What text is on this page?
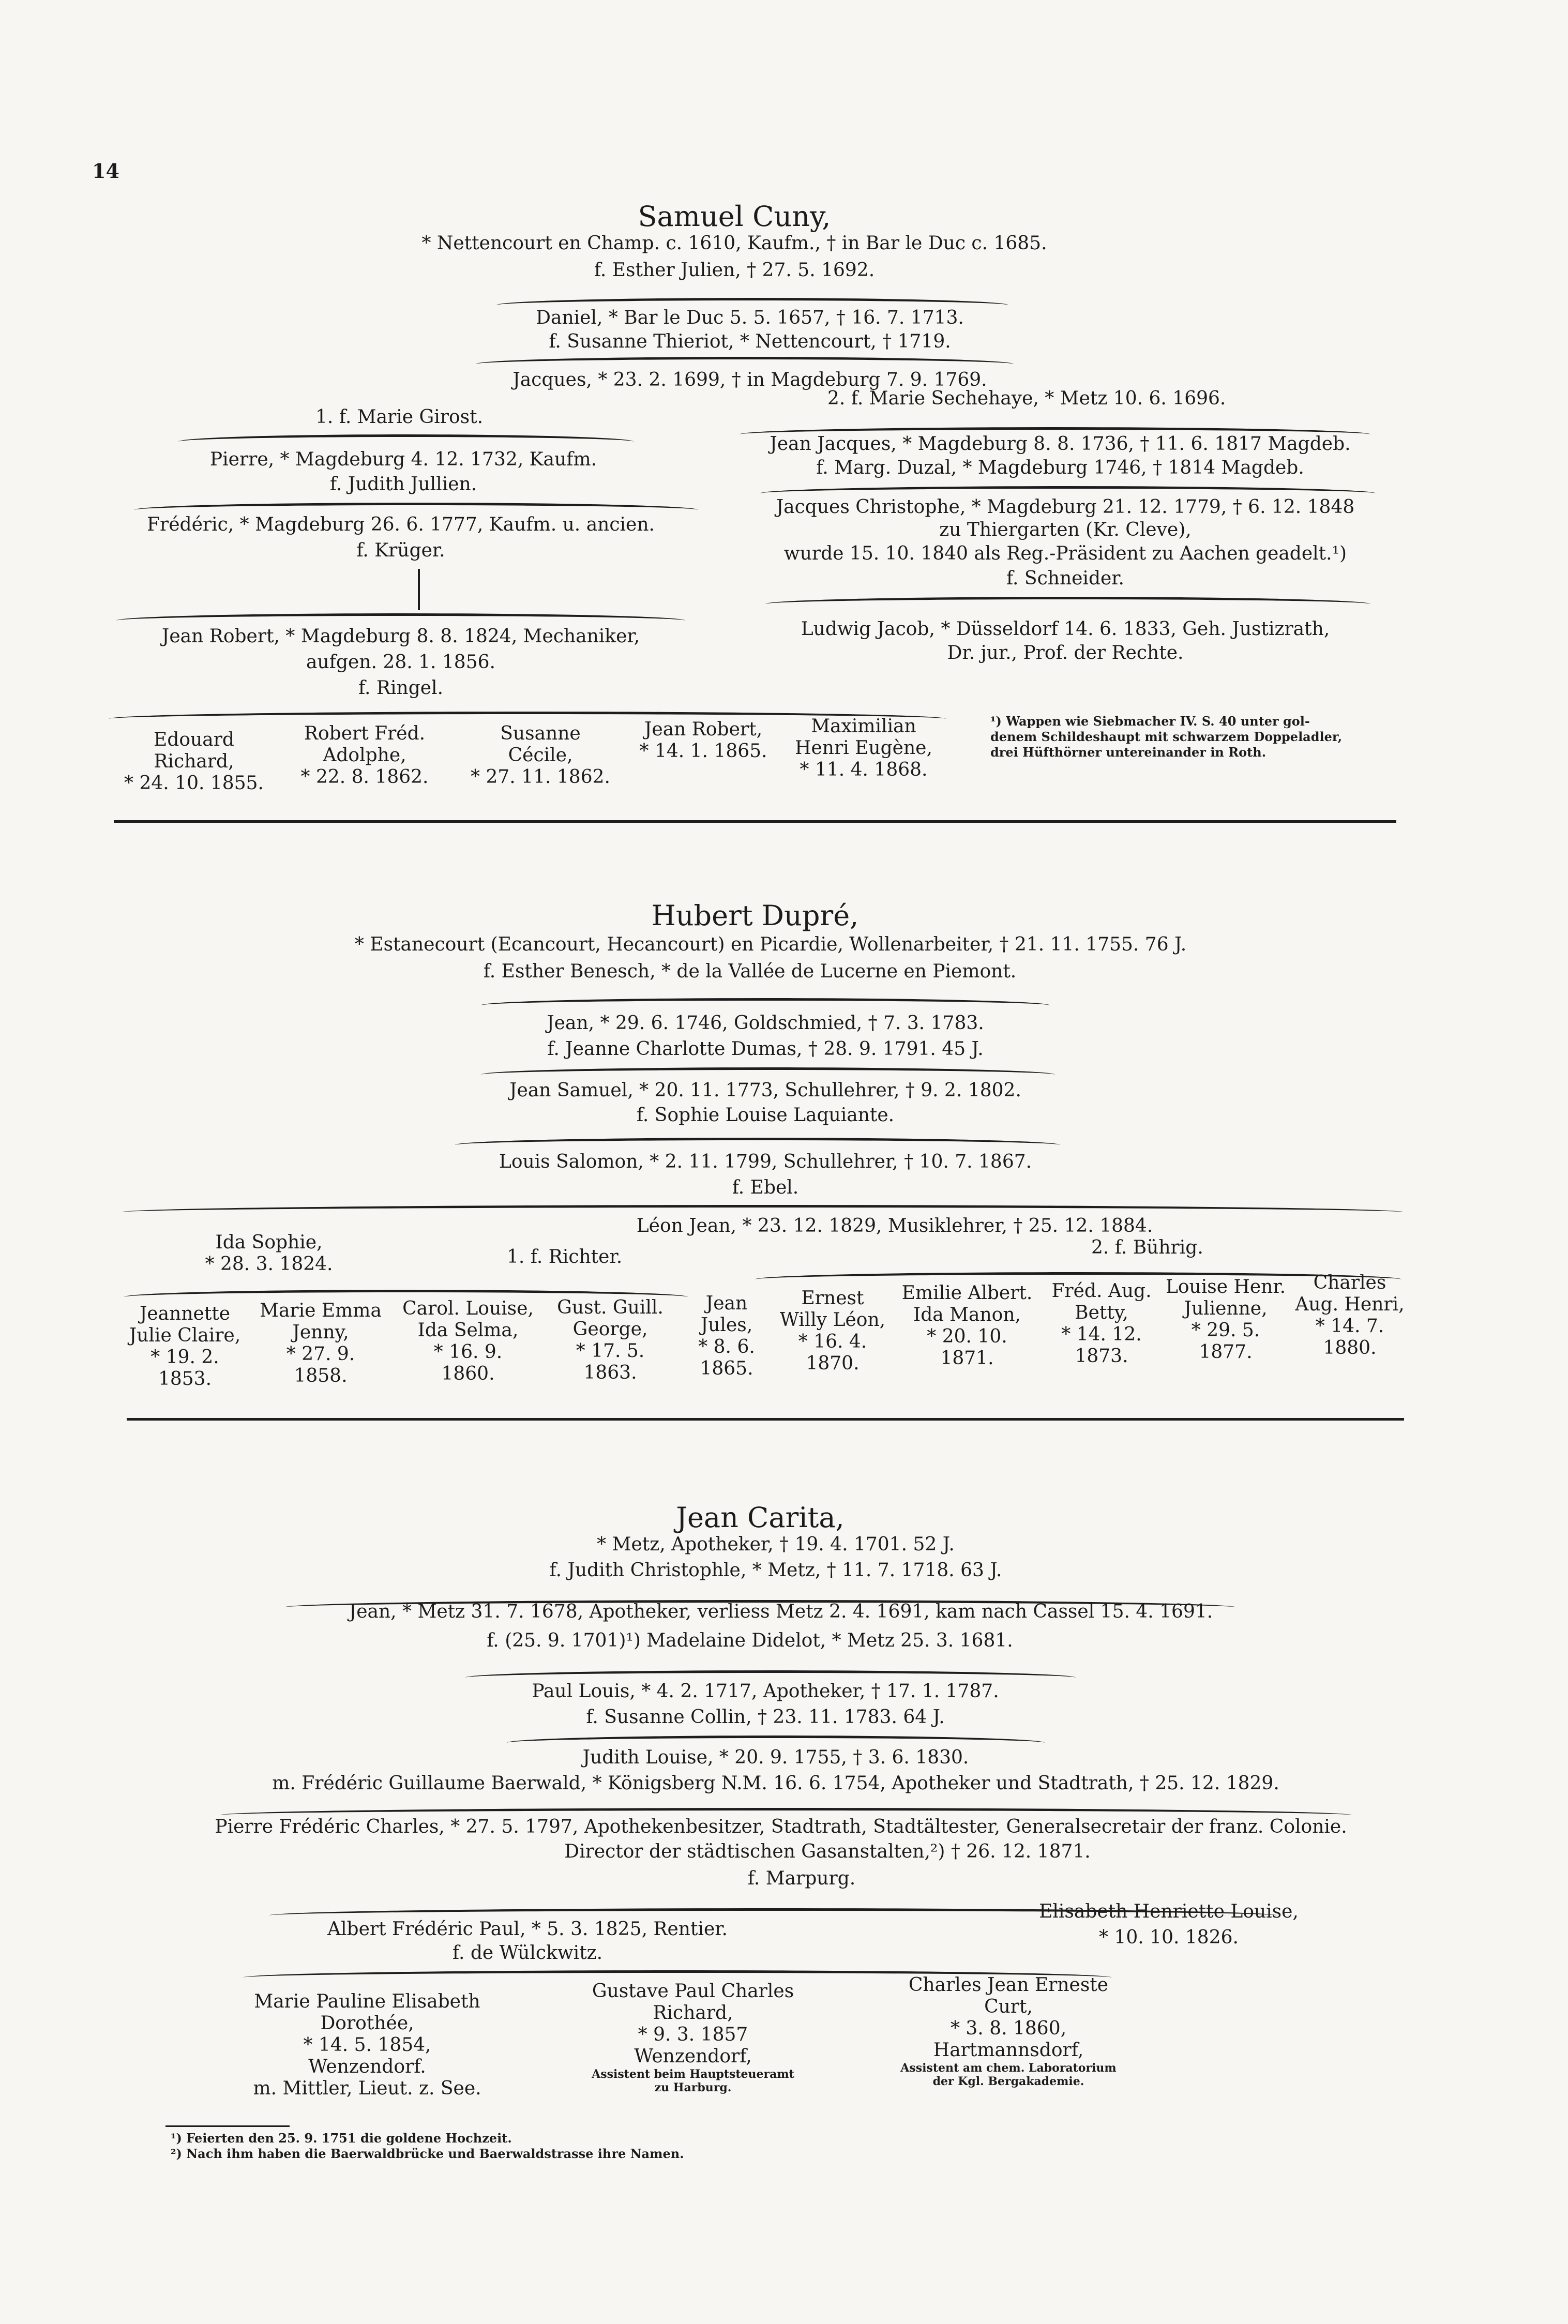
14
Samuel Cuny,
* Nettencourt en Champ. c. 1610, Kaufm., † in Bar le Duc c. 1685.
f. Esther Julien, † 27. 5. 1692.
Daniel, * Bar le Duc 5. 5. 1657, † 16. 7. 1713.
f. Susanne Thieriot, * Nettencourt, † 1719.
Jacques, * 23. 2. 1699, † in Magdeburg 7. 9. 1769.
1. f. Marie Girost.
2. f. Marie Sechehaye, * Metz 10. 6. 1696.
Pierre, * Magdeburg 4. 12. 1732, Kaufm.
f. Judith Jullien.
Jean Jacques, * Magdeburg 8. 8. 1736, † 11. 6. 1817 Magdeb.
f. Marg. Duzal, * Magdeburg 1746, † 1814 Magdeb.
Frédéric, * Magdeburg 26. 6. 1777, Kaufm. u. ancien.
f. Krüger.
Jacques Christophe, * Magdeburg 21. 12. 1779, † 6. 12. 1848
zu Thiergarten (Kr. Cleve),
wurde 15. 10. 1840 als Reg.-Präsident zu Aachen geadelt.¹)
f. Schneider.
Jean Robert, * Magdeburg 8. 8. 1824, Mechaniker,
aufgen. 28. 1. 1856.
f. Ringel.
Ludwig Jacob, * Düsseldorf 14. 6. 1833, Geh. Justizrath,
Dr. jur., Prof. der Rechte.
Edouard
Richard,
* 24. 10. 1855.
Robert Fréd.
Adolphe,
* 22. 8. 1862.
Susanne
Cécile,
* 27. 11. 1862.
Jean Robert,
* 14. 1. 1865.
Maximilian
Henri Eugène,
* 11. 4. 1868.
¹) Wappen wie Siebmacher IV. S. 40 unter gol-
denem Schildeshaupt mit schwarzem Doppeladler,
drei Hüfthörner untereinander in Roth.
Hubert Dupré,
* Estanecourt (Ecancourt, Hecancourt) en Picardie, Wollenarbeiter, † 21. 11. 1755. 76 J.
f. Esther Benesch, * de la Vallée de Lucerne en Piemont.
Jean, * 29. 6. 1746, Goldschmied, † 7. 3. 1783.
f. Jeanne Charlotte Dumas, † 28. 9. 1791. 45 J.
Jean Samuel, * 20. 11. 1773, Schullehrer, † 9. 2. 1802.
f. Sophie Louise Laquiante.
Louis Salomon, * 2. 11. 1799, Schullehrer, † 10. 7. 1867.
f. Ebel.
Ida Sophie,
* 28. 3. 1824.
Léon Jean, * 23. 12. 1829, Musiklehrer, † 25. 12. 1884.
1. f. Richter.	2. f. Bührig.
Jeannette
Julie Claire,
* 19. 2.
1853.
Marie Emma
Jenny,
* 27. 9.
1858.
Carol. Louise,
Ida Selma,
* 16. 9.
1860.
Gust. Guill.
George,
* 17. 5.
1863.
Jean
Jules,
* 8. 6.
1865.
Ernest
Willy Léon,
* 16. 4.
1870.
Emilie Albert.
Ida Manon,
* 20. 10.
1871.
Fréd. Aug.
Betty,
* 14. 12.
1873.
Louise Henr.
Julienne,
* 29. 5.
1877.
Charles
Aug. Henri,
* 14. 7.
1880.
Jean Carita,
* Metz, Apotheker, † 19. 4. 1701. 52 J.
f. Judith Christophle, * Metz, † 11. 7. 1718. 63 J.
Jean, * Metz 31. 7. 1678, Apotheker, verliess Metz 2. 4. 1691, kam nach Cassel 15. 4. 1691.
f. (25. 9. 1701)¹) Madelaine Didelot, * Metz 25. 3. 1681.
Paul Louis, * 4. 2. 1717, Apotheker, † 17. 1. 1787.
f. Susanne Collin, † 23. 11. 1783. 64 J.
Judith Louise, * 20. 9. 1755, † 3. 6. 1830.
m. Frédéric Guillaume Baerwald, * Königsberg N.M. 16. 6. 1754, Apotheker und Stadtrath, † 25. 12. 1829.
Pierre Frédéric Charles, * 27. 5. 1797, Apothekenbesitzer, Stadtrath, Stadtältester, Generalsecretair der franz. Colonie.
Director der städtischen Gasanstalten,²) † 26. 12. 1871.
f. Marpurg.
Albert Frédéric Paul, * 5. 3. 1825, Rentier.
f. de Wülckwitz.
Elisabeth Henriette Louise,
* 10. 10. 1826.
Marie Pauline Elisabeth
Dorothée,
* 14. 5. 1854,
Wenzendorf.
m. Mittler, Lieut. z. See.
Gustave Paul Charles
Richard,
* 9. 3. 1857
Wenzendorf,
Assistent beim Hauptsteueramt
zu Harburg.
Charles Jean Erneste
Curt,
* 3. 8. 1860,
Hartmannsdorf,
Assistent am chem. Laboratorium
der Kgl. Bergakademie.
¹) Feierten den 25. 9. 1751 die goldene Hochzeit.
²) Nach ihm haben die Baerwaldbrücke und Baerwaldstrasse ihre Namen.
